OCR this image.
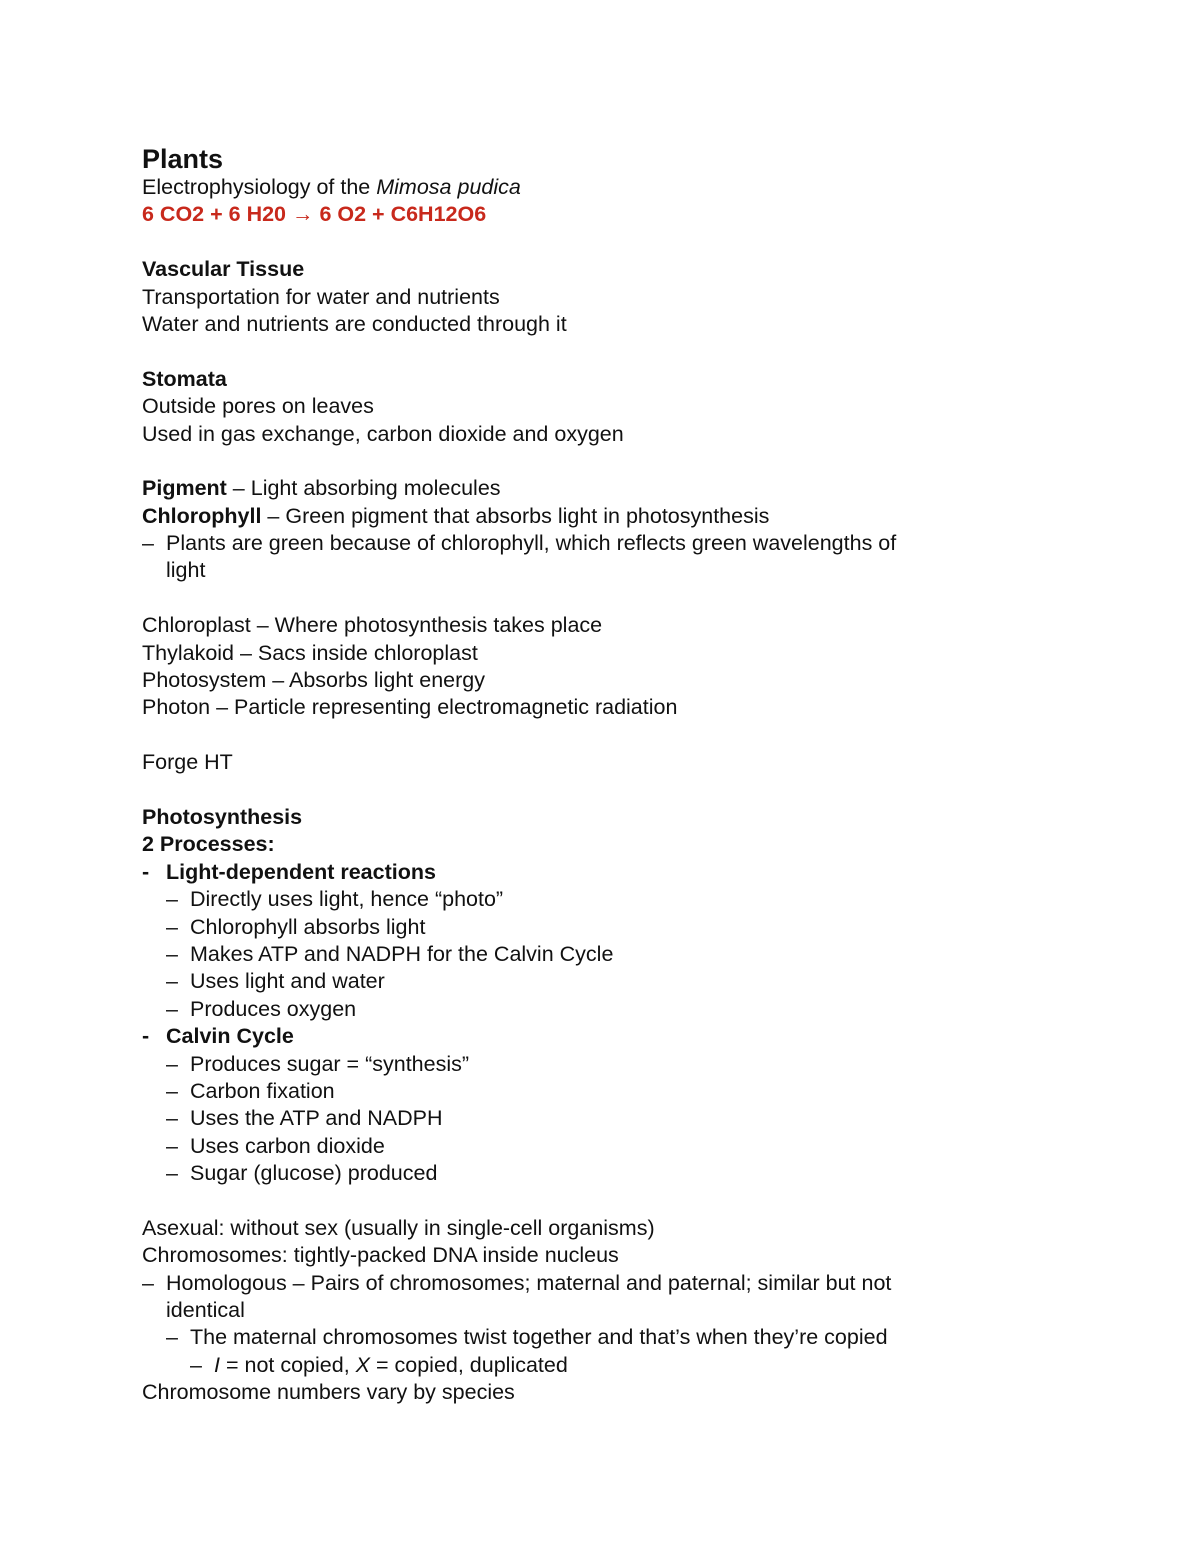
Plants
Electrophysiology of the Mimosa pudica
6 CO2 + 6 H20 → 6 O2 + C6H12O6
Vascular Tissue
Transportation for water and nutrients
Water and nutrients are conducted through it
Stomata
Outside pores on leaves
Used in gas exchange, carbon dioxide and oxygen
Pigment – Light absorbing molecules
Chlorophyll – Green pigment that absorbs light in photosynthesis
– Plants are green because of chlorophyll, which reflects green wavelengths of
light
Chloroplast – Where photosynthesis takes place
Thylakoid – Sacs inside chloroplast
Photosystem – Absorbs light energy
Photon – Particle representing electromagnetic radiation
Forge HT
Photosynthesis
2 Processes:
- Light-dependent reactions
– Directly uses light, hence “photo”
– Chlorophyll absorbs light
– Makes ATP and NADPH for the Calvin Cycle
– Uses light and water
– Produces oxygen
- Calvin Cycle
– Produces sugar = “synthesis”
– Carbon fixation
– Uses the ATP and NADPH
– Uses carbon dioxide
– Sugar (glucose) produced
Asexual: without sex (usually in single-cell organisms)
Chromosomes: tightly-packed DNA inside nucleus
– Homologous – Pairs of chromosomes; maternal and paternal; similar but not
identical
– The maternal chromosomes twist together and that’s when they’re copied
– I = not copied, X = copied, duplicated
Chromosome numbers vary by species
